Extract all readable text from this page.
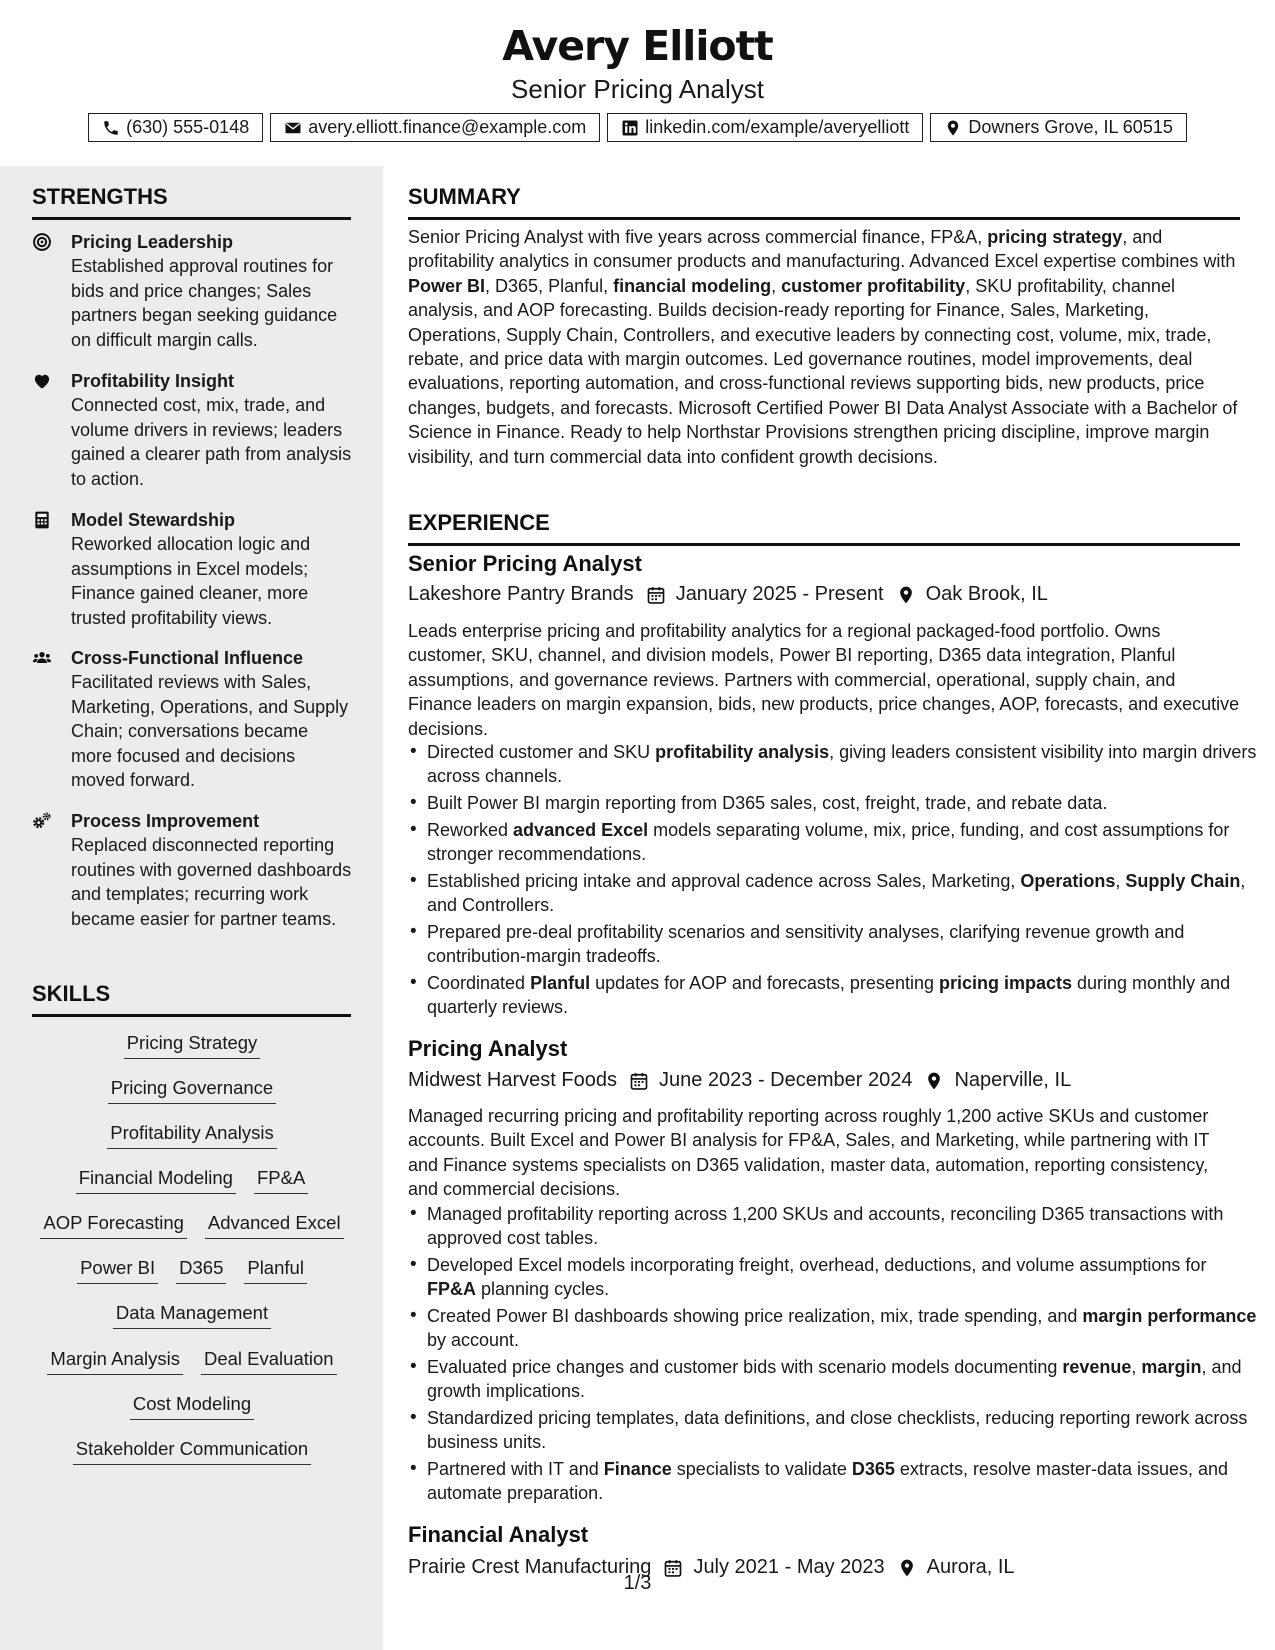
Avery Elliott
Senior Pricing Analyst
(630) 555-0148	avery.elliott.finance@example.com	linkedin.com/example/averyelliott	Downers Grove, IL 60515
STRENGTHS
Pricing Leadership
Established approval routines for bids and price changes; Sales partners began seeking guidance on difficult margin calls.
Profitability Insight
Connected cost, mix, trade, and volume drivers in reviews; leaders gained a clearer path from analysis to action.
Model Stewardship
Reworked allocation logic and assumptions in Excel models; Finance gained cleaner, more trusted profitability views.
Cross-Functional Influence
Facilitated reviews with Sales, Marketing, Operations, and Supply Chain; conversations became more focused and decisions moved forward.
Process Improvement
Replaced disconnected reporting routines with governed dashboards and templates; recurring work became easier for partner teams.
SKILLS
Pricing Strategy
Pricing Governance
Profitability Analysis
Financial Modeling FP&A
AOP Forecasting Advanced Excel
Power BI D365 Planful
Data Management
Margin Analysis Deal Evaluation
Cost Modeling
Stakeholder Communication
SUMMARY
Senior Pricing Analyst with five years across commercial finance, FP&A, pricing strategy, and profitability analytics in consumer products and manufacturing. Advanced Excel expertise combines with Power BI, D365, Planful, financial modeling, customer profitability, SKU profitability, channel analysis, and AOP forecasting. Builds decision-ready reporting for Finance, Sales, Marketing, Operations, Supply Chain, Controllers, and executive leaders by connecting cost, volume, mix, trade, rebate, and price data with margin outcomes. Led governance routines, model improvements, deal evaluations, reporting automation, and cross-functional reviews supporting bids, new products, price changes, budgets, and forecasts. Microsoft Certified Power BI Data Analyst Associate with a Bachelor of Science in Finance. Ready to help Northstar Provisions strengthen pricing discipline, improve margin visibility, and turn commercial data into confident growth decisions.
EXPERIENCE
Senior Pricing Analyst
Lakeshore Pantry Brands January 2025 - Present Oak Brook, IL
Leads enterprise pricing and profitability analytics for a regional packaged-food portfolio. Owns customer, SKU, channel, and division models, Power BI reporting, D365 data integration, Planful assumptions, and governance reviews. Partners with commercial, operational, supply chain, and Finance leaders on margin expansion, bids, new products, price changes, AOP, forecasts, and executive decisions.
• Directed customer and SKU profitability analysis, giving leaders consistent visibility into margin drivers across channels.
• Built Power BI margin reporting from D365 sales, cost, freight, trade, and rebate data.
• Reworked advanced Excel models separating volume, mix, price, funding, and cost assumptions for stronger recommendations.
• Established pricing intake and approval cadence across Sales, Marketing, Operations, Supply Chain, and Controllers.
• Prepared pre-deal profitability scenarios and sensitivity analyses, clarifying revenue growth and contribution-margin tradeoffs.
• Coordinated Planful updates for AOP and forecasts, presenting pricing impacts during monthly and quarterly reviews.
Pricing Analyst
Midwest Harvest Foods June 2023 - December 2024 Naperville, IL
Managed recurring pricing and profitability reporting across roughly 1,200 active SKUs and customer accounts. Built Excel and Power BI analysis for FP&A, Sales, and Marketing, while partnering with IT and Finance systems specialists on D365 validation, master data, automation, reporting consistency, and commercial decisions.
• Managed profitability reporting across 1,200 SKUs and accounts, reconciling D365 transactions with approved cost tables.
• Developed Excel models incorporating freight, overhead, deductions, and volume assumptions for FP&A planning cycles.
• Created Power BI dashboards showing price realization, mix, trade spending, and margin performance by account.
• Evaluated price changes and customer bids with scenario models documenting revenue, margin, and growth implications.
• Standardized pricing templates, data definitions, and close checklists, reducing reporting rework across business units.
• Partnered with IT and Finance specialists to validate D365 extracts, resolve master-data issues, and automate preparation.
Financial Analyst
Prairie Crest Manufacturing July 2021 - May 2023 Aurora, IL
1/3
